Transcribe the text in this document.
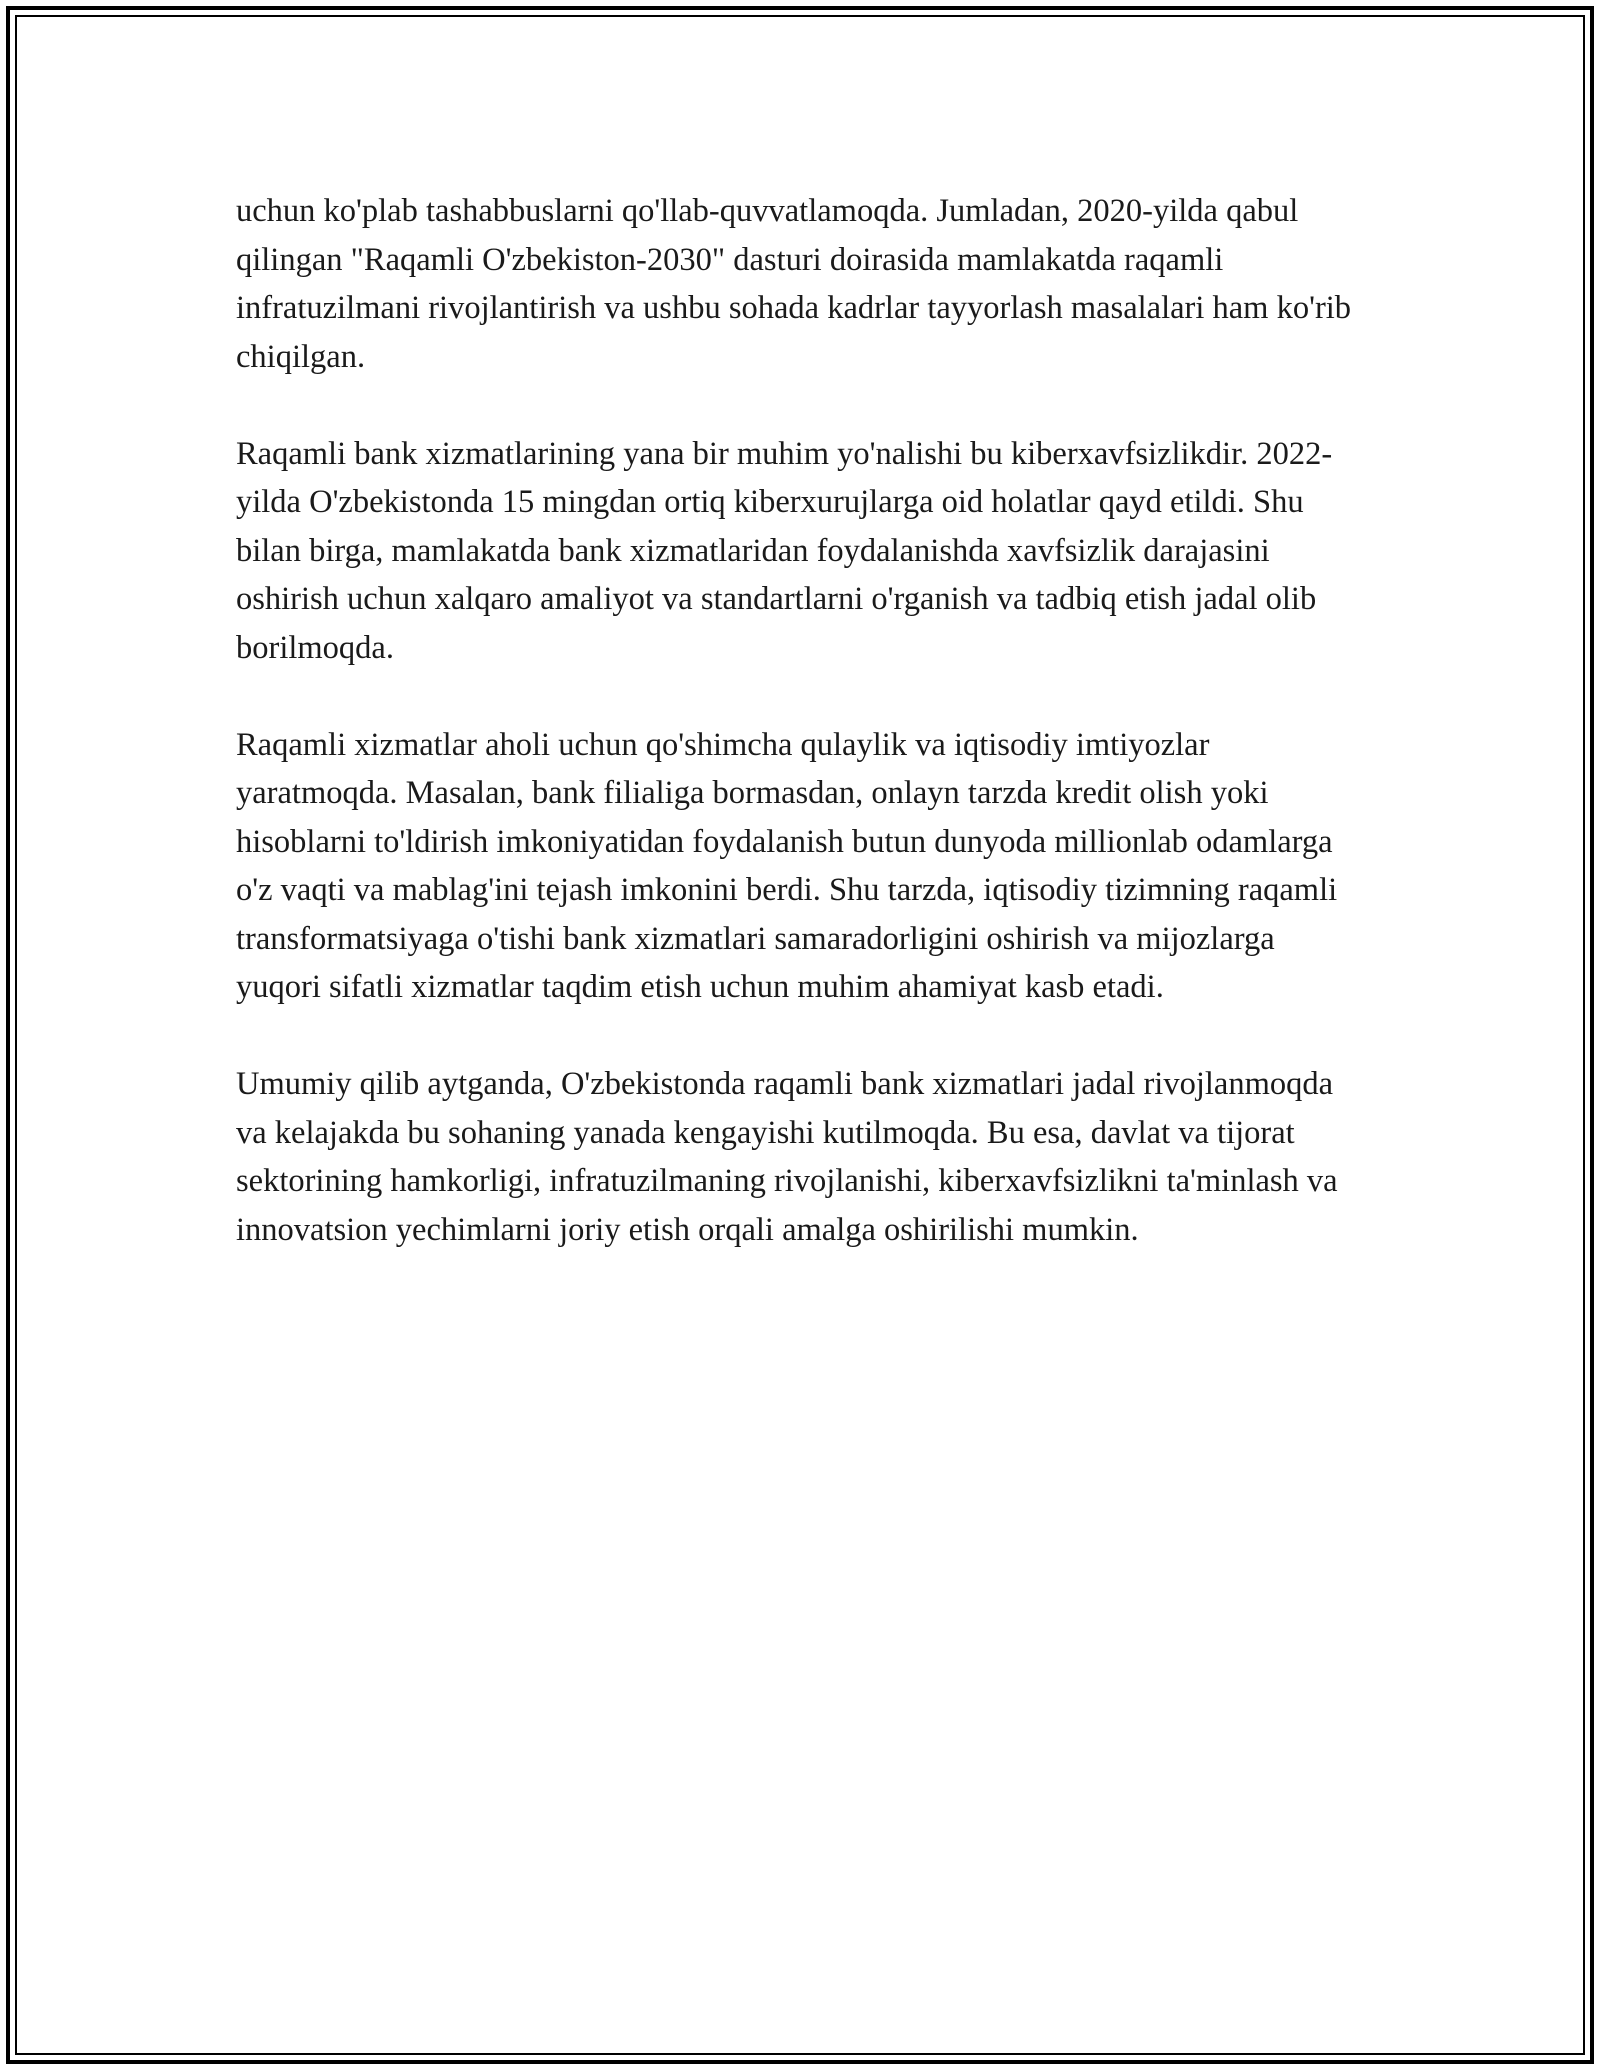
uchun ko'plab tashabbuslarni qo'llab-quvvatlamoqda. Jumladan, 2020-yilda qabul qilingan "Raqamli O'zbekiston-2030" dasturi doirasida mamlakatda raqamli infratuzilmani rivojlantirish va ushbu sohada kadrlar tayyorlash masalalari ham ko'rib chiqilgan.

Raqamli bank xizmatlarining yana bir muhim yo'nalishi bu kiberxavfsizlikdir. 2022-yilda O'zbekistonda 15 mingdan ortiq kiberxurujlarga oid holatlar qayd etildi. Shu bilan birga, mamlakatda bank xizmatlaridan foydalanishda xavfsizlik darajasini oshirish uchun xalqaro amaliyot va standartlarni o'rganish va tadbiq etish jadal olib borilmoqda.

Raqamli xizmatlar aholi uchun qo'shimcha qulaylik va iqtisodiy imtiyozlar yaratmoqda. Masalan, bank filialiga bormasdan, onlayn tarzda kredit olish yoki hisoblarni to'ldirish imkoniyatidan foydalanish butun dunyoda millionlab odamlarga o'z vaqti va mablag'ini tejash imkonini berdi. Shu tarzda, iqtisodiy tizimning raqamli transformatsiyaga o'tishi bank xizmatlari samaradorligini oshirish va mijozlarga yuqori sifatli xizmatlar taqdim etish uchun muhim ahamiyat kasb etadi.

Umumiy qilib aytganda, O'zbekistonda raqamli bank xizmatlari jadal rivojlanmoqda va kelajakda bu sohaning yanada kengayishi kutilmoqda. Bu esa, davlat va tijorat sektorining hamkorligi, infratuzilmaning rivojlanishi, kiberxavfsizlikni ta'minlash va innovatsion yechimlarni joriy etish orqali amalga oshirilishi mumkin.
